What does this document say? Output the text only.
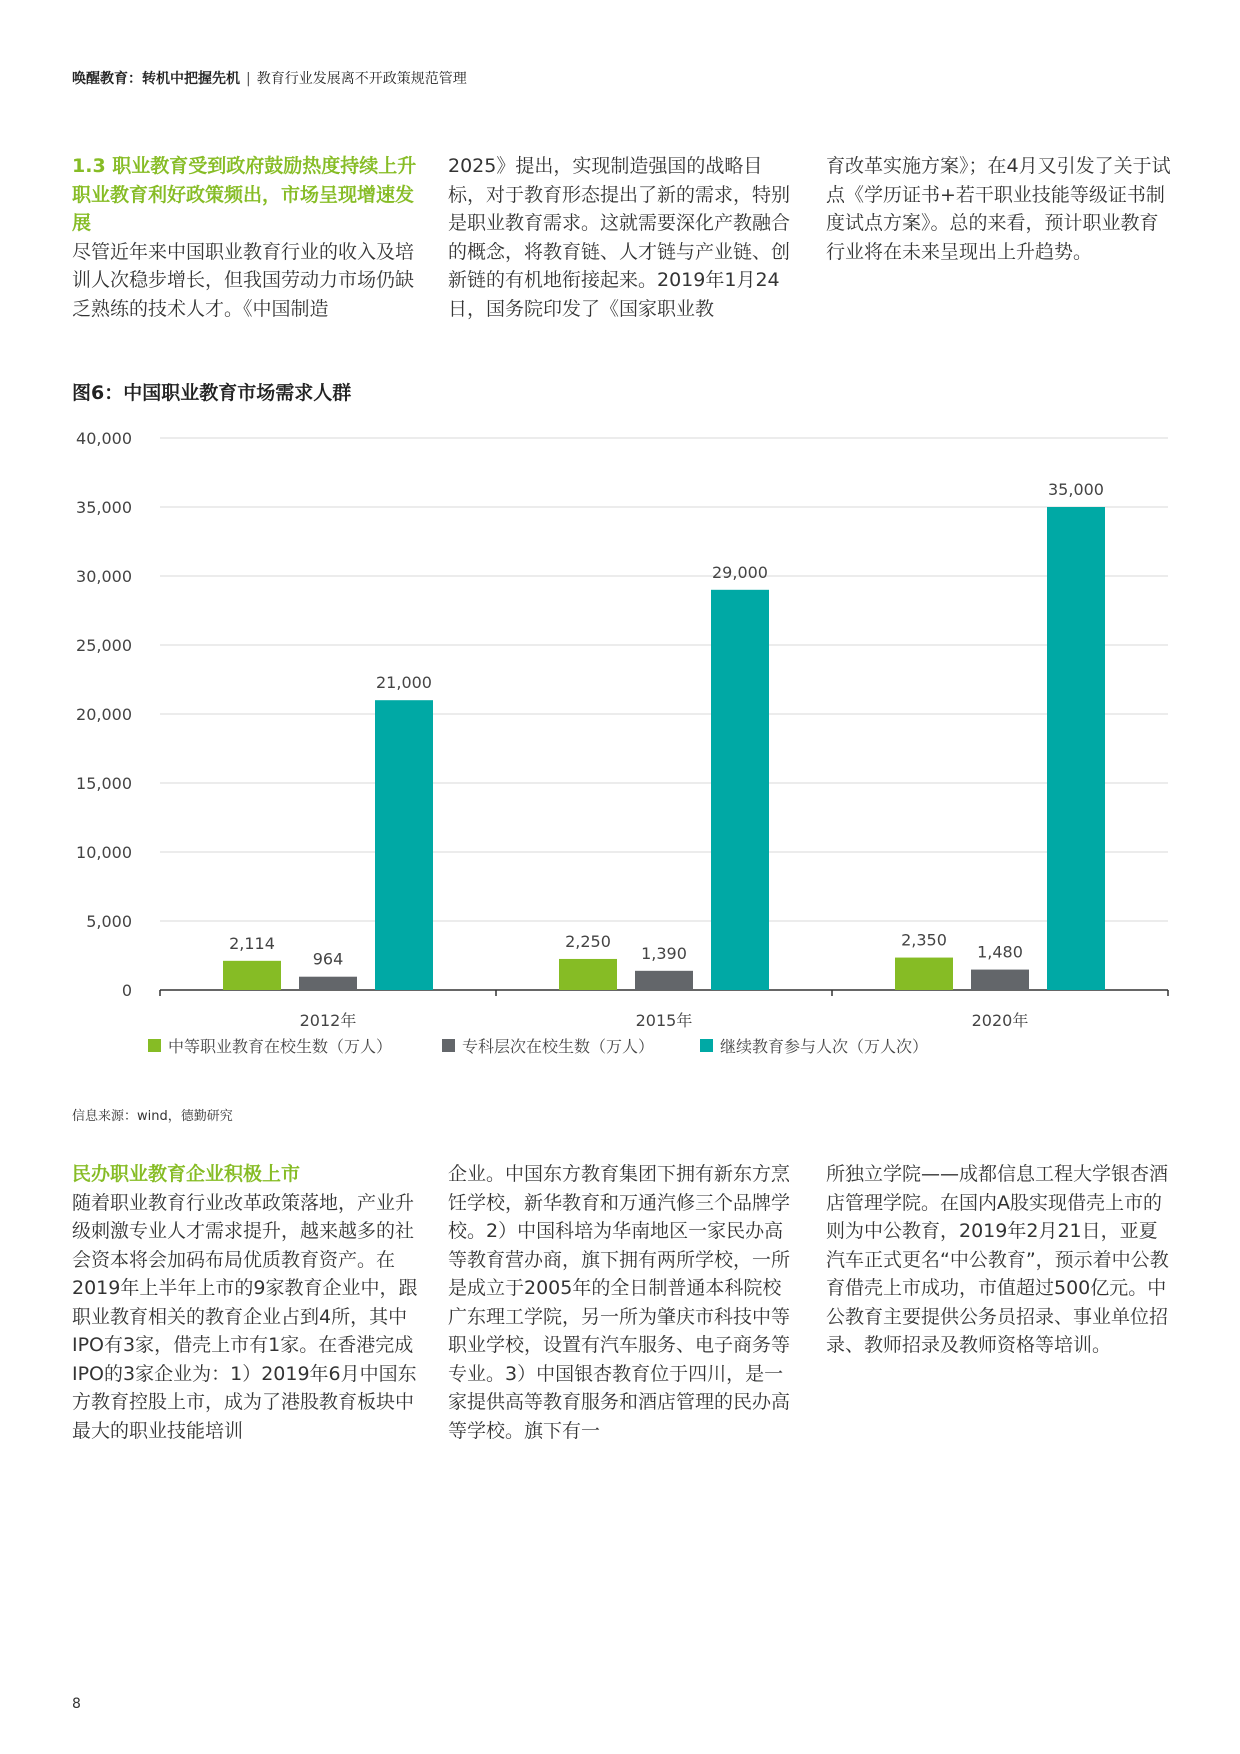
唤醒教育：转机中把握先机 | 教育行业发展离不开政策规范管理
1.3 职业教育受到政府鼓励热度持续上升职业教育利好政策频出，市场呈现增速发展

尽管近年来中国职业教育行业的收入及培训人次稳步增长，但我国劳动力市场仍缺乏熟练的技术人才。《中国制造

2025》提出，实现制造强国的战略目标，对于教育形态提出了新的需求，特别是职业教育需求。这就需要深化产教融合的概念，将教育链、人才链与产业链、创新链的有机地衔接起来。2019年1月24日，国务院印发了《国家职业教

育改革实施方案》；在4月又引发了关于试点《学历证书+若干职业技能等级证书制度试点方案》。总的来看，预计职业教育行业将在未来呈现出上升趋势。

图6：中国职业教育市场需求人群
0
5,000
10,000
15,000
20,000
25,000
30,000
35,000
40,000
2,114
964
21,000
2012年
2,250
1,390
29,000
2015年
2,350
1,480
35,000
2020年
中等职业教育在校生数（万人）	专科层次在校生数（万人）	继续教育参与人次（万人次）
信息来源：wind，德勤研究
民办职业教育企业积极上市

随着职业教育行业改革政策落地，产业升级刺激专业人才需求提升，越来越多的社会资本将会加码布局优质教育资产。在2019年上半年上市的9家教育企业中，跟职业教育相关的教育企业占到4所，其中IPO有3家，借壳上市有1家。在香港完成IPO的3家企业为：1）2019年6月中国东方教育控股上市，成为了港股教育板块中最大的职业技能培训

企业。中国东方教育集团下拥有新东方烹饪学校，新华教育和万通汽修三个品牌学校。2）中国科培为华南地区一家民办高等教育营办商，旗下拥有两所学校，一所是成立于2005年的全日制普通本科院校广东理工学院，另一所为肇庆市科技中等职业学校，设置有汽车服务、电子商务等专业。3）中国银杏教育位于四川，是一家提供高等教育服务和酒店管理的民办高等学校。旗下有一

所独立学院——成都信息工程大学银杏酒店管理学院。在国内A股实现借壳上市的则为中公教育，2019年2月21日，亚夏汽车正式更名“中公教育”，预示着中公教育借壳上市成功，市值超过500亿元。中公教育主要提供公务员招录、事业单位招录、教师招录及教师资格等培训。

8
